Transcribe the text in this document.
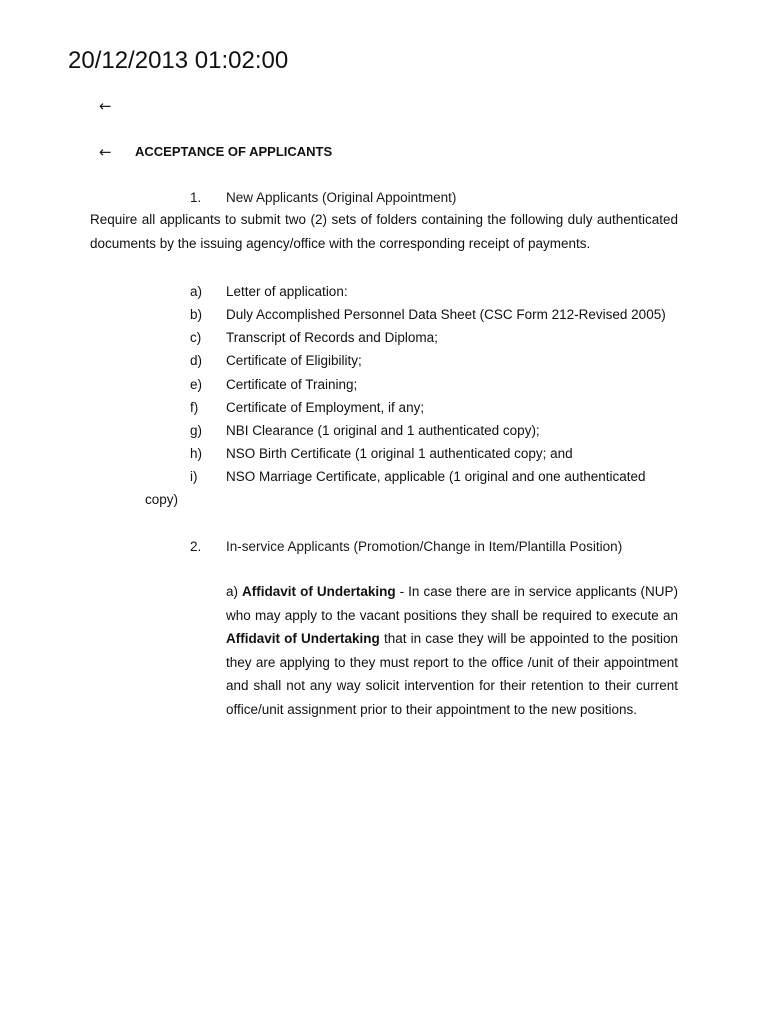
20/12/2013 01:02:00
←
← ACCEPTANCE OF APPLICANTS
1. New Applicants (Original Appointment)
Require all applicants to submit two (2) sets of folders containing the following duly authenticated documents by the issuing agency/office with the corresponding receipt of payments.
a) Letter of application:
b) Duly Accomplished Personnel Data Sheet (CSC Form 212-Revised 2005)
c) Transcript of Records and Diploma;
d) Certificate of Eligibility;
e) Certificate of Training;
f) Certificate of Employment, if any;
g) NBI Clearance (1 original and 1 authenticated copy);
h) NSO Birth Certificate (1 original 1 authenticated copy; and
i) NSO Marriage Certificate, applicable (1 original and one authenticated
copy)
2. In-service Applicants (Promotion/Change in Item/Plantilla Position)
a) Affidavit of Undertaking - In case there are in service applicants (NUP) who may apply to the vacant positions they shall be required to execute an Affidavit of Undertaking that in case they will be appointed to the position they are applying to they must report to the office /unit of their appointment and shall not any way solicit intervention for their retention to their current office/unit assignment prior to their appointment to the new positions.
